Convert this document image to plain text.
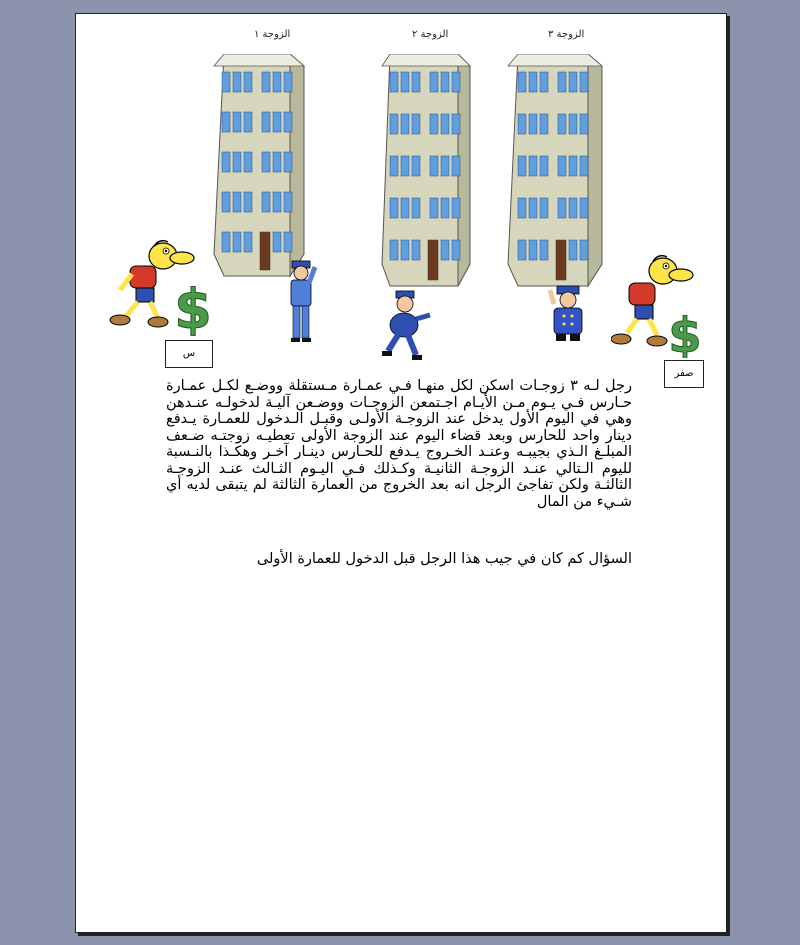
الزوجة ١	الزوجة ٢	الزوجة ٣
$
س	$
صفر

رجل لـه ٣ زوجـات اسكن لكل منهـا فـي عمـارة مـستقلة ووضـع لكـل عمـارة حـارس فـي يـوم مـن الأيـام اجـتمعن الزوجـات ووضـعن آليـة لدخولـه عنـدهن وهي في اليوم الأول يدخل عند الزوجـة الأولـى وقبـل الـدخول للعمـارة يـدفع دينار واحد للحارس وبعد قضاء اليوم عند الزوجة الأولى تعطيـه زوجتـه ضـعف المبلـغ الـذي بجيبـه وعنـد الخـروج يـدفع للحـارس دينـار آخـر وهكـذا بالنـسبة لليوم الـتالي عنـد الزوجـة الثانيـة وكـذلك فـي اليـوم الثـالث عنـد الزوجـة الثالثـة ولكن تفاجئ الرجل انه بعد الخروج من العمارة الثالثة لم يتبقى لديه أي شـيء من المال

السؤال كم كان في جيب هذا الرجل قبل الدخول للعمارة الأولى
